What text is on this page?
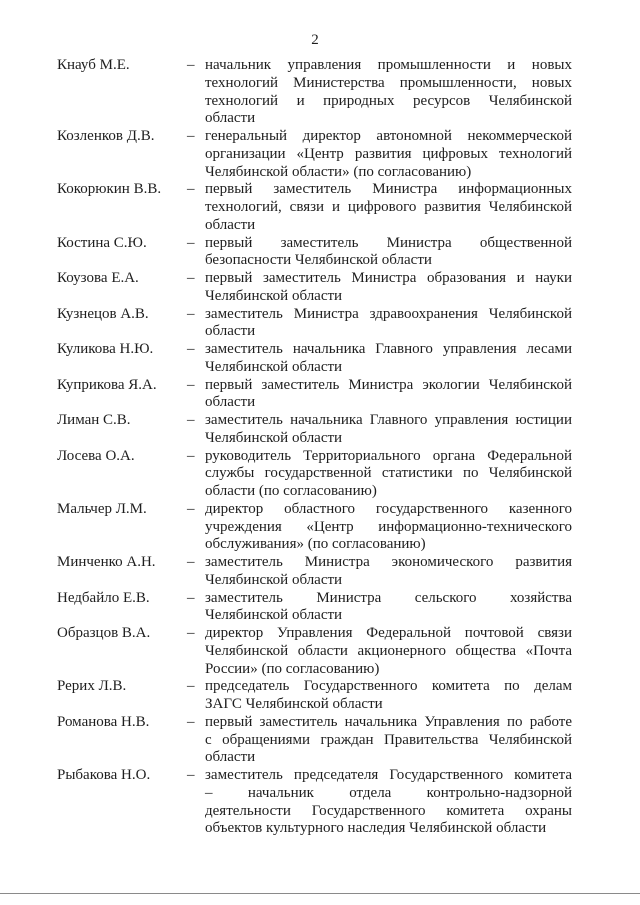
2
Кнауб М.Е.	– начальник управления промышленности и новых
технологий Министерства промышленности, новых
технологий и природных ресурсов Челябинской
области
Козленков Д.В.	– генеральный директор автономной некоммерческой
организации «Центр развития цифровых технологий
Челябинской области» (по согласованию)
Кокорюкин В.В.	– первый заместитель Министра информационных
технологий, связи и цифрового развития Челябинской
области
Костина С.Ю.	– первый заместитель Министра общественной
безопасности Челябинской области
Коузова Е.А.	– первый заместитель Министра образования и науки
Челябинской области
Кузнецов А.В.	– заместитель Министра здравоохранения Челябинской
области
Куликова Н.Ю.	– заместитель начальника Главного управления лесами
Челябинской области
Куприкова Я.А.	– первый заместитель Министра экологии Челябинской
области
Лиман С.В.	– заместитель начальника Главного управления юстиции
Челябинской области
Лосева О.А.	– руководитель Территориального органа Федеральной
службы государственной статистики по Челябинской
области (по согласованию)
Мальчер Л.М.	– директор областного государственного казенного
учреждения «Центр информационно-технического
обслуживания» (по согласованию)
Минченко А.Н.	– заместитель Министра экономического развития
Челябинской области
Недбайло Е.В.	– заместитель Министра сельского хозяйства
Челябинской области
Образцов В.А.	– директор Управления Федеральной почтовой связи
Челябинской области акционерного общества «Почта
России» (по согласованию)
Рерих Л.В.	– председатель Государственного комитета по делам
ЗАГС Челябинской области
Романова Н.В.	– первый заместитель начальника Управления по работе
с обращениями граждан Правительства Челябинской
области
Рыбакова Н.О.	– заместитель председателя Государственного комитета
– начальник отдела контрольно-надзорной
деятельности Государственного комитета охраны
объектов культурного наследия Челябинской области
